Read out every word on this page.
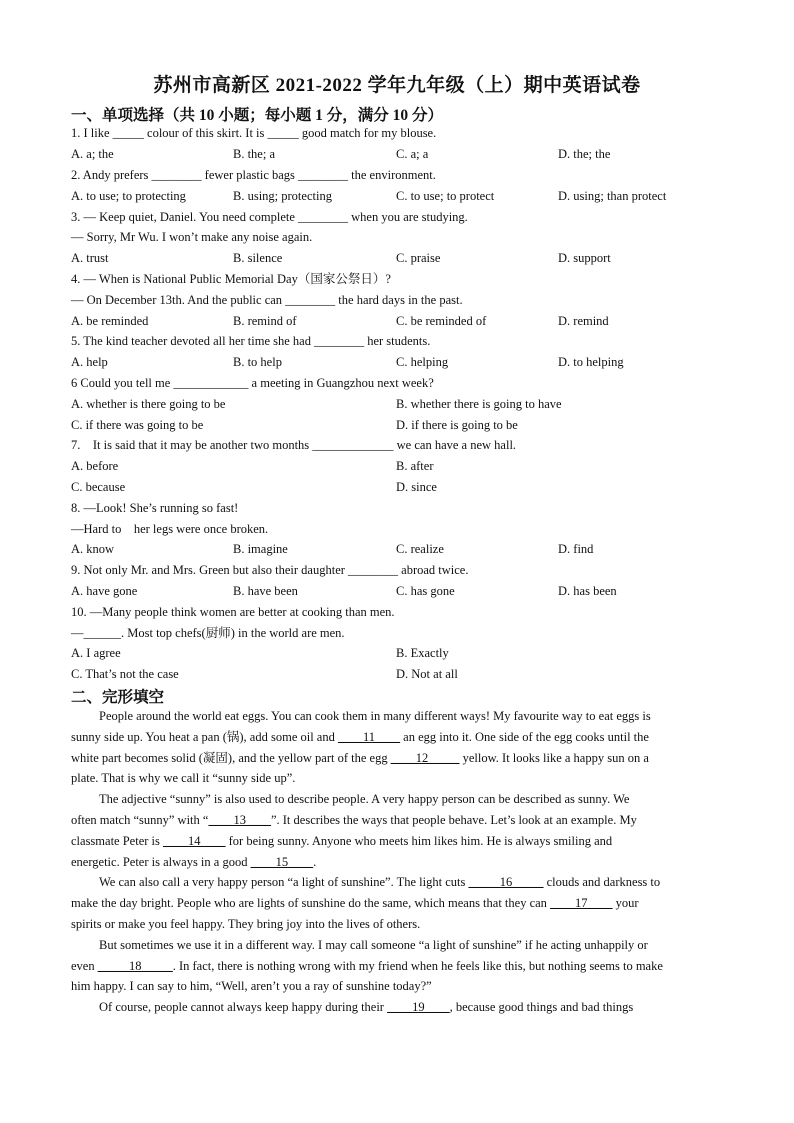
苏州市高新区 2021-2022 学年九年级（上）期中英语试卷
一、单项选择（共 10 小题；每小题 1 分，满分 10 分）
1. I like _____ colour of this skirt. It is _____ good match for my blouse.
A. a; the	B. the; a	C. a; a	D. the; the
2. Andy prefers ________ fewer plastic bags ________ the environment.
A. to use; to protecting	B. using; protecting	C. to use; to protect	D. using; than protect
3. — Keep quiet, Daniel. You need complete ________ when you are studying.
— Sorry, Mr Wu. I won’t make any noise again.
A. trust	B. silence	C. praise	D. support
4. — When is National Public Memorial Day（国家公祭日）?
— On December 13th. And the public can ________ the hard days in the past.
A. be reminded	B. remind of	C. be reminded of	D. remind
5. The kind teacher devoted all her time she had ________ her students.
A. help	B. to help	C. helping	D. to helping
6 Could you tell me ____________ a meeting in Guangzhou next week?
A. whether is there going to be	B. whether there is going to have
C. if there was going to be	D. if there is going to be
7.    It is said that it may be another two months _____________ we can have a new hall.
A. before	B. after
C. because	D. since
8. —Look! She’s running so fast!
—Hard to    her legs were once broken.
A. know	B. imagine	C. realize	D. find
9. Not only Mr. and Mrs. Green but also their daughter ________ abroad twice.
A. have gone	B. have been	C. has gone	D. has been
10. —Many people think women are better at cooking than men.
—______. Most top chefs(厨师) in the world are men.
A. I agree	B. Exactly
C. That’s not the case	D. Not at all
二、完形填空
People around the world eat eggs. You can cook them in many different ways! My favourite way to eat eggs is
sunny side up. You heat a pan (锅), add some oil and ____11____ an egg into it. One side of the egg cooks until the
white part becomes solid (凝固), and the yellow part of the egg ____12_____ yellow. It looks like a happy sun on a
plate. That is why we call it “sunny side up”.
The adjective “sunny” is also used to describe people. A very happy person can be described as sunny. We
often match “sunny” with “____13____”. It describes the ways that people behave. Let’s look at an example. My
classmate Peter is ____14____ for being sunny. Anyone who meets him likes him. He is always smiling and
energetic. Peter is always in a good ____15____.
We can also call a very happy person “a light of sunshine”. The light cuts _____16_____ clouds and darkness to
make the day bright. People who are lights of sunshine do the same, which means that they can ____17____ your
spirits or make you feel happy. They bring joy into the lives of others.
But sometimes we use it in a different way. I may call someone “a light of sunshine” if he acting unhappily or
even _____18_____. In fact, there is nothing wrong with my friend when he feels like this, but nothing seems to make
him happy. I can say to him, “Well, aren’t you a ray of sunshine today?”
Of course, people cannot always keep happy during their ____19____, because good things and bad things
